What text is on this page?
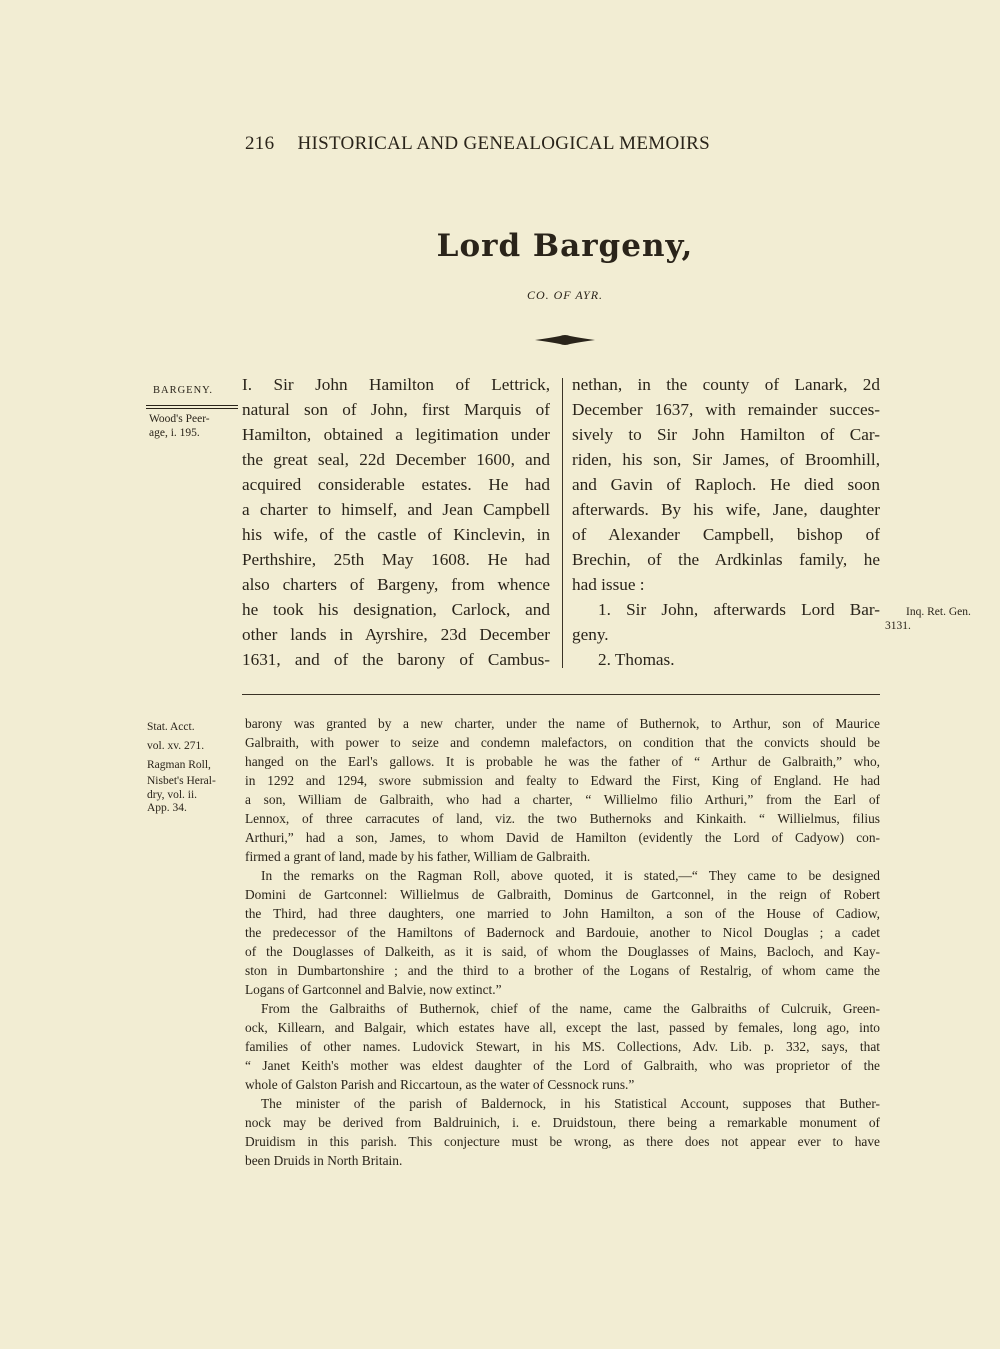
216 HISTORICAL AND GENEALOGICAL MEMOIRS
Lord Bargeny,
CO. OF AYR.
BARGENY.
Wood's Peer-
age, i. 195.
Inq. Ret. Gen.
3131.
Stat. Acct.
vol. xv. 271.
Ragman Roll,
Nisbet's Heral-
dry, vol. ii.
App. 34.
I. Sir John Hamilton of Lettrick,
natural son of John, first Marquis of
Hamilton, obtained a legitimation under
the great seal, 22d December 1600, and
acquired considerable estates. He had
a charter to himself, and Jean Campbell
his wife, of the castle of Kinclevin, in
Perthshire, 25th May 1608. He had
also charters of Bargeny, from whence
he took his designation, Carlock, and
other lands in Ayrshire, 23d December
1631, and of the barony of Cambus-
nethan, in the county of Lanark, 2d
December 1637, with remainder succes-
sively to Sir John Hamilton of Car-
riden, his son, Sir James, of Broomhill,
and Gavin of Raploch. He died soon
afterwards. By his wife, Jane, daughter
of Alexander Campbell, bishop of
Brechin, of the Ardkinlas family, he
had issue :
1. Sir John, afterwards Lord Bar-
geny.
2. Thomas.
barony was granted by a new charter, under the name of Buthernok, to Arthur, son of Maurice
Galbraith, with power to seize and condemn malefactors, on condition that the convicts should be
hanged on the Earl's gallows. It is probable he was the father of “ Arthur de Galbraith,” who,
in 1292 and 1294, swore submission and fealty to Edward the First, King of England. He had
a son, William de Galbraith, who had a charter, “ Willielmo filio Arthuri,” from the Earl of
Lennox, of three carracutes of land, viz. the two Buthernoks and Kinkaith. “ Willielmus, filius
Arthuri,” had a son, James, to whom David de Hamilton (evidently the Lord of Cadyow) con-
firmed a grant of land, made by his father, William de Galbraith.
In the remarks on the Ragman Roll, above quoted, it is stated,—“ They came to be designed
Domini de Gartconnel: Willielmus de Galbraith, Dominus de Gartconnel, in the reign of Robert
the Third, had three daughters, one married to John Hamilton, a son of the House of Cadiow,
the predecessor of the Hamiltons of Badernock and Bardouie, another to Nicol Douglas ; a cadet
of the Douglasses of Dalkeith, as it is said, of whom the Douglasses of Mains, Bacloch, and Kay-
ston in Dumbartonshire ; and the third to a brother of the Logans of Restalrig, of whom came the
Logans of Gartconnel and Balvie, now extinct.”
From the Galbraiths of Buthernok, chief of the name, came the Galbraiths of Culcruik, Green-
ock, Killearn, and Balgair, which estates have all, except the last, passed by females, long ago, into
families of other names. Ludovick Stewart, in his MS. Collections, Adv. Lib. p. 332, says, that
“ Janet Keith's mother was eldest daughter of the Lord of Galbraith, who was proprietor of the
whole of Galston Parish and Riccartoun, as the water of Cessnock runs.”
The minister of the parish of Baldernock, in his Statistical Account, supposes that Buther-
nock may be derived from Baldruinich, i. e. Druidstoun, there being a remarkable monument of
Druidism in this parish. This conjecture must be wrong, as there does not appear ever to have
been Druids in North Britain.
